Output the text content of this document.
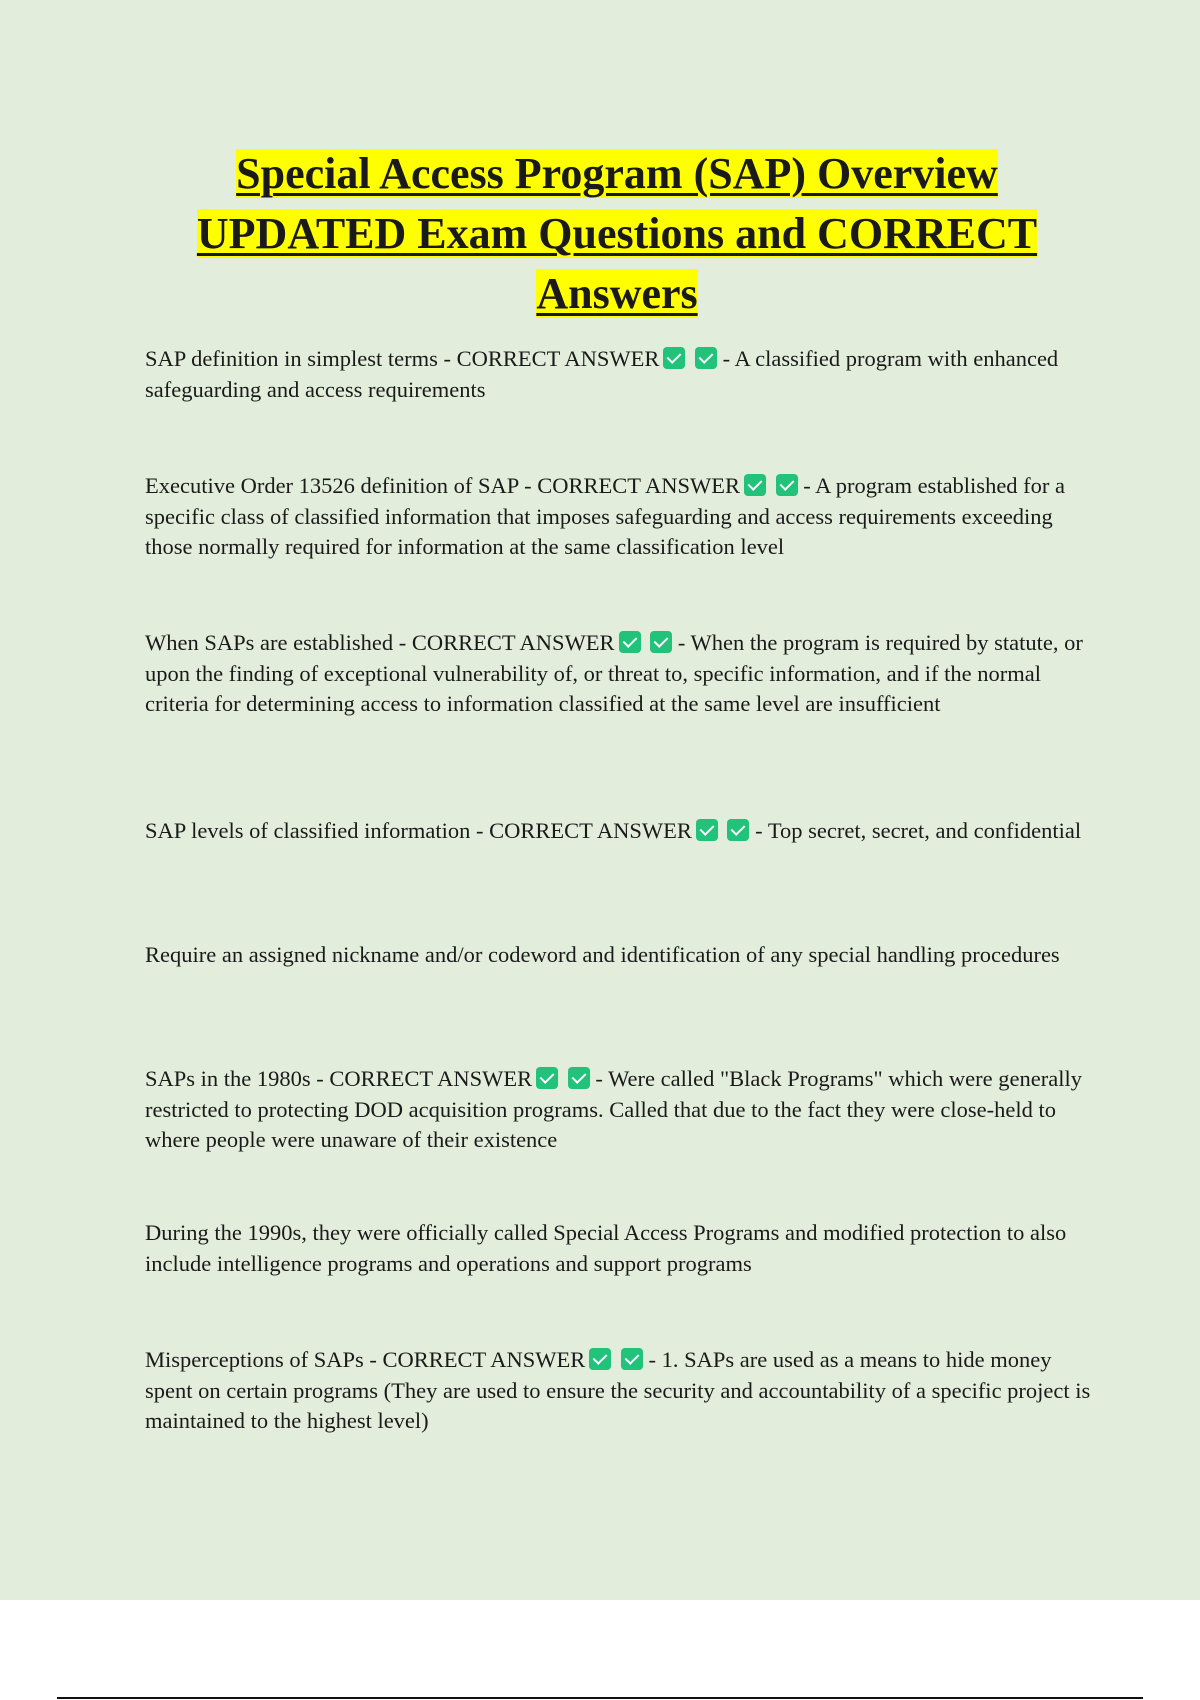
Special Access Program (SAP) Overview
UPDATED Exam Questions and CORRECT
Answers

SAP definition in simplest terms - CORRECT ANSWER	- A classified program with enhanced safeguarding and access requirements

Executive Order 13526 definition of SAP - CORRECT ANSWER	- A program established for a specific class of classified information that imposes safeguarding and access requirements exceeding those normally required for information at the same classification level

When SAPs are established - CORRECT ANSWER	- When the program is required by statute, or upon the finding of exceptional vulnerability of, or threat to, specific information, and if the normal criteria for determining access to information classified at the same level are insufficient

SAP levels of classified information - CORRECT ANSWER	- Top secret, secret, and confidential

Require an assigned nickname and/or codeword and identification of any special handling procedures

SAPs in the 1980s - CORRECT ANSWER	- Were called "Black Programs" which were generally restricted to protecting DOD acquisition programs. Called that due to the fact they were close-held to where people were unaware of their existence

During the 1990s, they were officially called Special Access Programs and modified protection to also include intelligence programs and operations and support programs

Misperceptions of SAPs - CORRECT ANSWER	- 1. SAPs are used as a means to hide money spent on certain programs (They are used to ensure the security and accountability of a specific project is maintained to the highest level)
